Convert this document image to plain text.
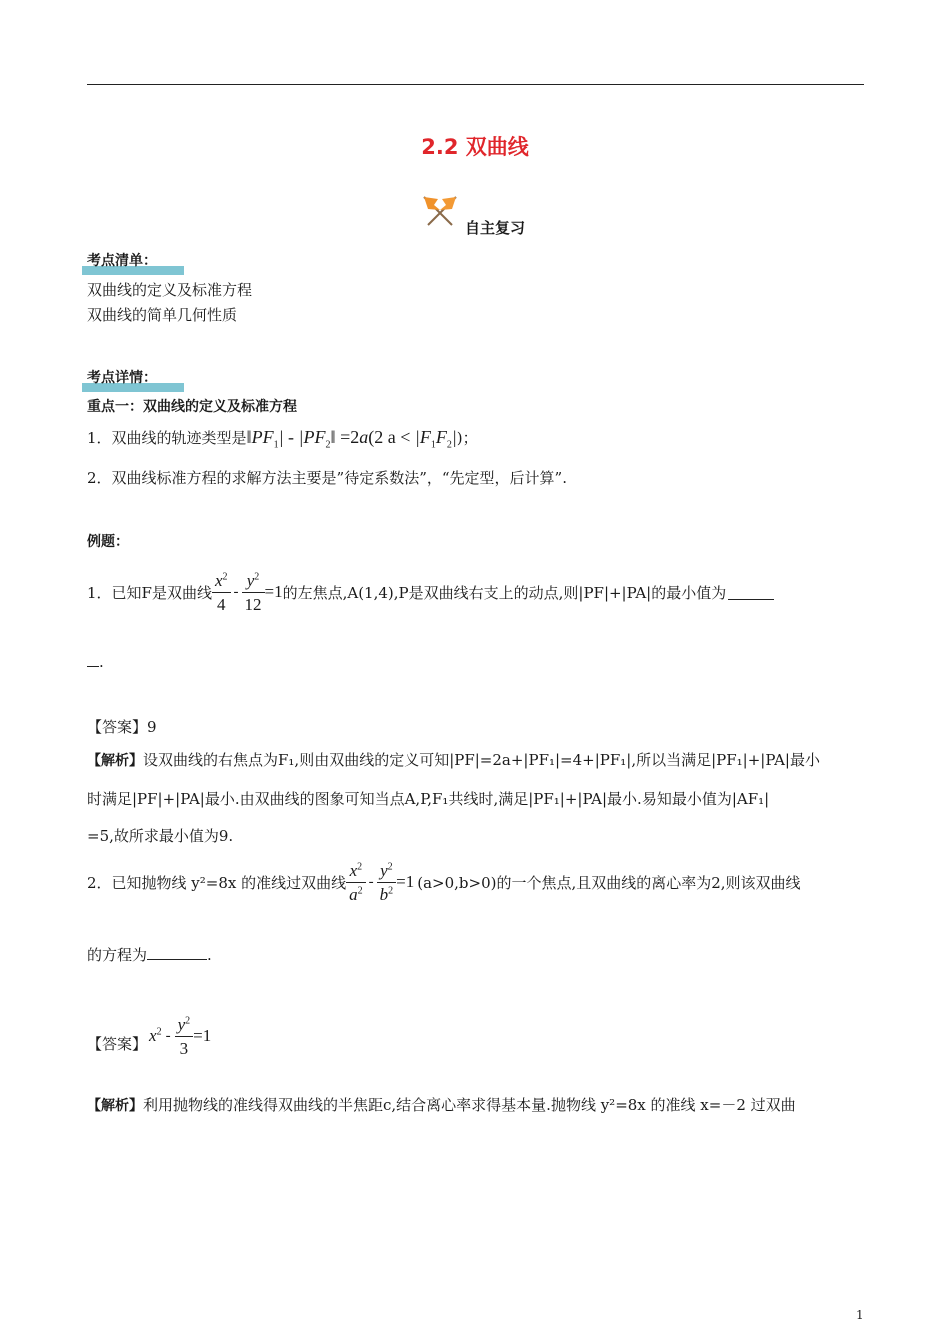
2.2 双曲线
自主复习
考点清单：
双曲线的定义及标准方程
双曲线的简单几何性质
考点详情：
重点一：双曲线的定义及标准方程
1．双曲线的轨迹类型是$‖PF_1|$ - $|PF_2‖ =2a(2$ $a < |F_1F_2|$)；
2．双曲线标准方程的求解方法主要是”待定系数法”，“先定型，后计算”.
例题：
1．已知F是双曲线 $\frac{x^2}{4} - \frac{y^2}{12} =1$ 的左焦点,A(1,4),P是双曲线右支上的动点,则|PF|+|PA|的最小值为
.
【答案】9
【解析】设双曲线的右焦点为F₁,则由双曲线的定义可知|PF|=2a+|PF₁|=4+|PF₁|,所以当满足|PF₁|+|PA|最小
时满足|PF|+|PA|最小.由双曲线的图象可知当点A,P,F₁共线时,满足|PF₁|+|PA|最小.易知最小值为|AF₁|
=5,故所求最小值为9.
2．已知抛物线 y²=8x 的准线过双曲线 $\frac{x^2}{a^2} - \frac{y^2}{b^2} =1$ (a>0,b>0)的一个焦点,且双曲线的离心率为2,则该双曲线
的方程为	.
【答案】 $x^2 - \frac{y^2}{3} =1$
【解析】利用抛物线的准线得双曲线的半焦距c,结合离心率求得基本量.抛物线 y²=8x 的准线 x=－2 过双曲
1
